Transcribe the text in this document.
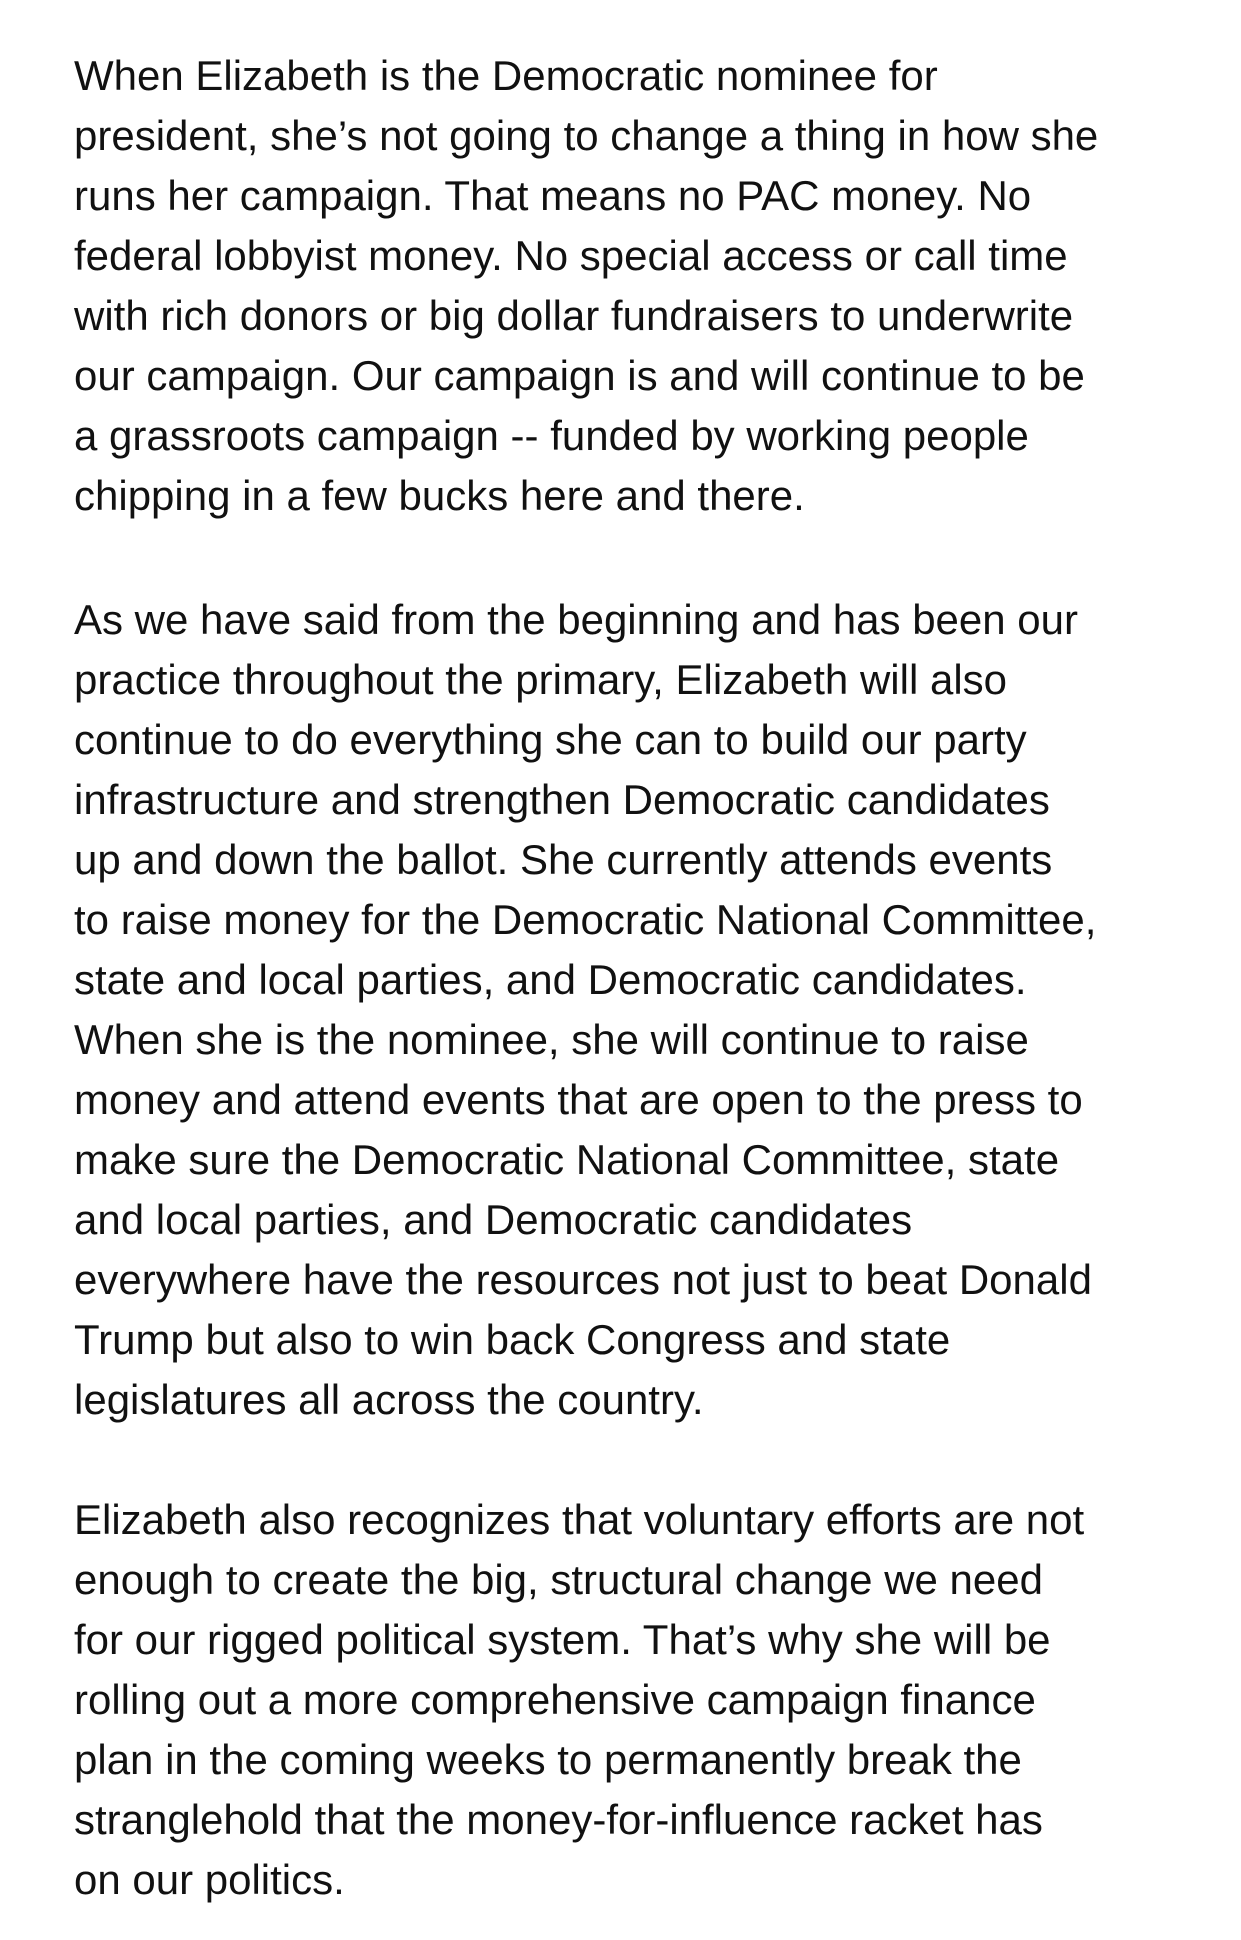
When Elizabeth is the Democratic nominee for
president, she’s not going to change a thing in how she
runs her campaign. That means no PAC money. No
federal lobbyist money. No special access or call time
with rich donors or big dollar fundraisers to underwrite
our campaign. Our campaign is and will continue to be
a grassroots campaign -- funded by working people
chipping in a few bucks here and there.

As we have said from the beginning and has been our
practice throughout the primary, Elizabeth will also
continue to do everything she can to build our party
infrastructure and strengthen Democratic candidates
up and down the ballot. She currently attends events
to raise money for the Democratic National Committee,
state and local parties, and Democratic candidates.
When she is the nominee, she will continue to raise
money and attend events that are open to the press to
make sure the Democratic National Committee, state
and local parties, and Democratic candidates
everywhere have the resources not just to beat Donald
Trump but also to win back Congress and state
legislatures all across the country.

Elizabeth also recognizes that voluntary efforts are not
enough to create the big, structural change we need
for our rigged political system. That’s why she will be
rolling out a more comprehensive campaign finance
plan in the coming weeks to permanently break the
stranglehold that the money-for-influence racket has
on our politics.
